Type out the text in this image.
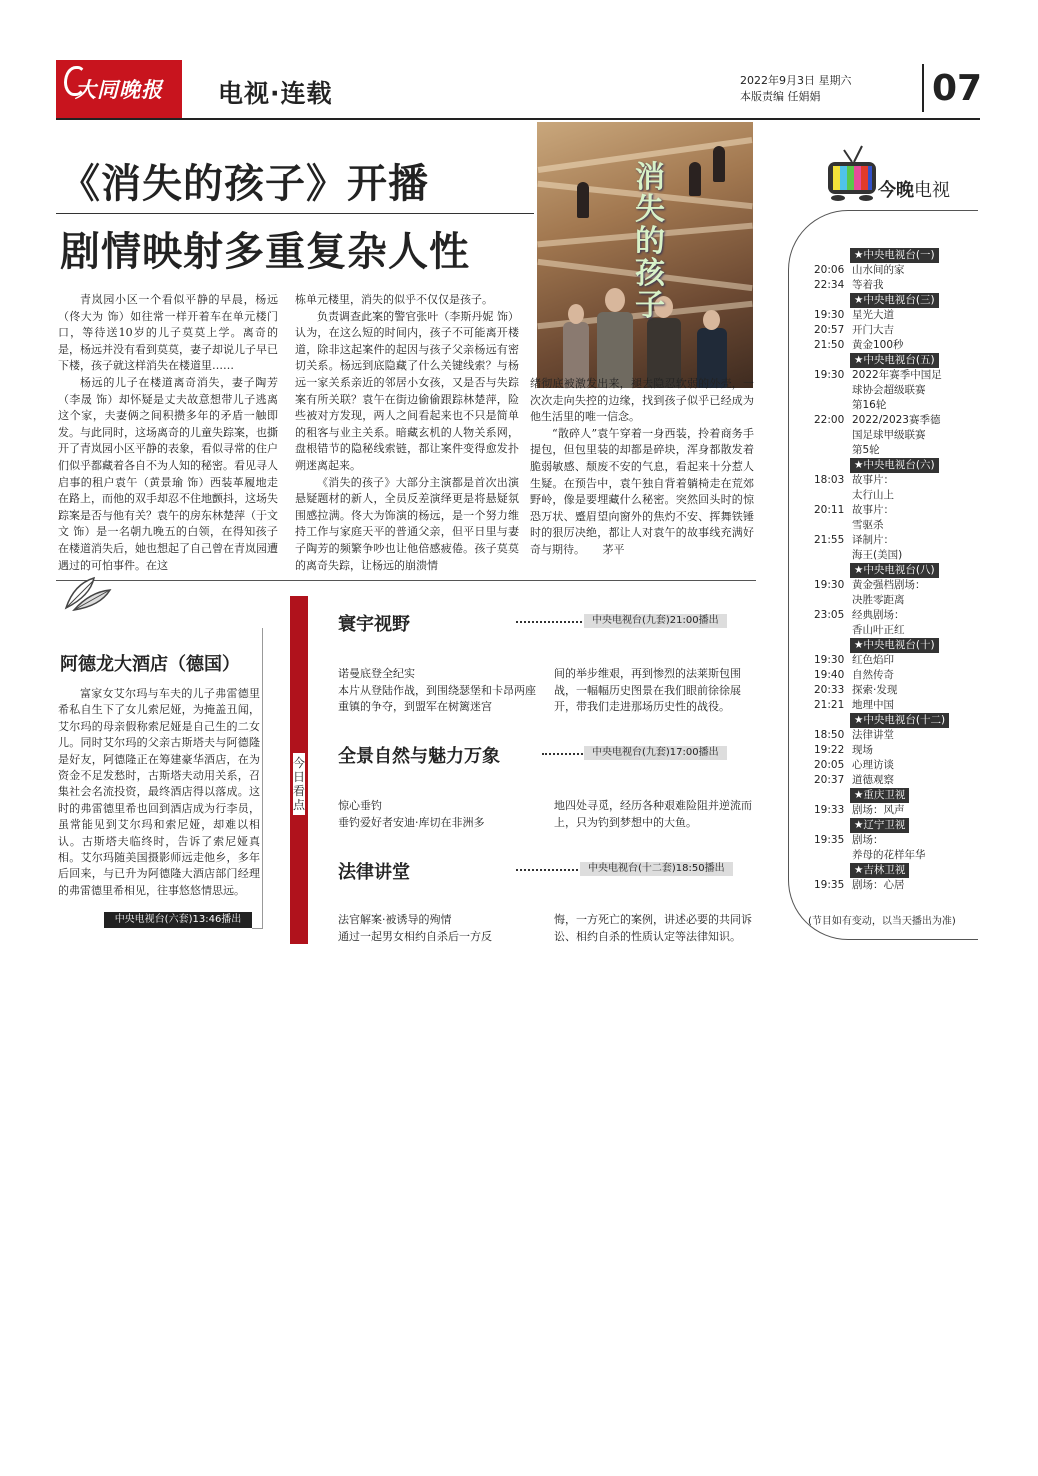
大同晚报	电视·连载	2022年9月3日 星期六
本版责编 任娟娟	07
《消失的孩子》开播
剧情映射多重复杂人性
消失的孩子

青岚园小区一个看似平静的早晨，杨远（佟大为 饰）如往常一样开着车在单元楼门口，等待送10岁的儿子莫莫上学。离奇的是，杨远并没有看到莫莫，妻子却说儿子早已下楼，孩子就这样消失在楼道里……

杨远的儿子在楼道离奇消失，妻子陶芳（李晟 饰）却怀疑是丈夫故意想带儿子逃离这个家，夫妻俩之间积攒多年的矛盾一触即发。与此同时，这场离奇的儿童失踪案，也撕开了青岚园小区平静的表象，看似寻常的住户们似乎都藏着各自不为人知的秘密。看见寻人启事的租户袁午（黄景瑜 饰）西装革履地走在路上，而他的双手却忍不住地颤抖，这场失踪案是否与他有关？袁午的房东林楚萍（于文文 饰）是一名朝九晚五的白领，在得知孩子在楼道消失后，她也想起了自己曾在青岚园遭遇过的可怕事件。在这

栋单元楼里，消失的似乎不仅仅是孩子。

负责调查此案的警官张叶（李斯丹妮 饰）认为，在这么短的时间内，孩子不可能离开楼道，除非这起案件的起因与孩子父亲杨远有密切关系。杨远到底隐藏了什么关键线索？与杨远一家关系亲近的邻居小女孩，又是否与失踪案有所关联？袁午在街边偷偷跟踪林楚萍，险些被对方发现，两人之间看起来也不只是简单的租客与业主关系。暗藏玄机的人物关系网，盘根错节的隐秘线索链，都让案件变得愈发扑朔迷离起来。

《消失的孩子》大部分主演都是首次出演悬疑题材的新人，全员反差演绎更是将悬疑氛围感拉满。佟大为饰演的杨远，是一个努力维持工作与家庭天平的普通父亲，但平日里与妻子陶芳的频繁争吵也让他倍感疲倦。孩子莫莫的离奇失踪，让杨远的崩溃情

绪彻底被激发出来，褪去隐忍软弱的外壳，一次次走向失控的边缘，找到孩子似乎已经成为他生活里的唯一信念。

“散碎人”袁午穿着一身西装，拎着商务手提包，但包里装的却都是碎块，浑身都散发着脆弱敏感、颓废不安的气息，看起来十分惹人生疑。在预告中，袁午独自背着躺椅走在荒郊野岭，像是要埋藏什么秘密。突然回头时的惊恐万状、蹙眉望向窗外的焦灼不安、挥舞铁锤时的狠厉决绝，都让人对袁午的故事线充满好奇与期待。 茅平

阿德龙大酒店（德国）

富家女艾尔玛与车夫的儿子弗雷德里希私自生下了女儿索尼娅，为掩盖丑闻，艾尔玛的母亲假称索尼娅是自己生的二女儿。同时艾尔玛的父亲古斯塔夫与阿德隆是好友，阿德隆正在筹建豪华酒店，在为资金不足发愁时，古斯塔夫动用关系，召集社会名流投资，最终酒店得以落成。这时的弗雷德里希也回到酒店成为行李员，虽常能见到艾尔玛和索尼娅，却难以相认。古斯塔夫临终时，告诉了索尼娅真相。艾尔玛随美国摄影师远走他乡，多年后回来，与已升为阿德隆大酒店部门经理的弗雷德里希相见，往事悠悠情思远。

中央电视台(六套)13:46播出
今日看点
寰宇视野	中央电视台(九套)21:00播出
诺曼底登全纪实
本片从登陆作战，到围绕瑟堡和卡昂两座重镇的争夺，到盟军在树篱迷宫
间的举步维艰，再到惨烈的法莱斯包围战，一幅幅历史图景在我们眼前徐徐展开，带我们走进那场历史性的战役。
全景自然与魅力万象	中央电视台(九套)17:00播出
惊心垂钓
垂钓爱好者安迪·库切在非洲多
地四处寻觅，经历各种艰难险阻并逆流而上，只为钓到梦想中的大鱼。
法律讲堂	中央电视台(十二套)18:50播出
法官解案·被诱导的殉情
通过一起男女相约自杀后一方反
悔，一方死亡的案例，讲述必要的共同诉讼、相约自杀的性质认定等法律知识。
今晚电视
★中央电视台(一)
20:06 山水间的家
22:34 等着我
★中央电视台(三)
19:30 星光大道
20:57 开门大吉
21:50 黄金100秒
★中央电视台(五)
19:30 2022年赛季中国足
球协会超级联赛
第16轮
22:00 2022/2023赛季德
国足球甲级联赛
第5轮
★中央电视台(六)
18:03 故事片：
太行山上
20:11 故事片：
雪驱杀
21:55 译制片：
海王(美国)
★中央电视台(八)
19:30 黄金强档剧场：
决胜零距离
23:05 经典剧场：
香山叶正红
★中央电视台(十)
19:30 红色焰印
19:40 自然传奇
20:33 探索·发现
21:21 地理中国
★中央电视台(十二)
18:50 法律讲堂
19:22 现场
20:05 心理访谈
20:37 道德观察
★重庆卫视
19:33 剧场：风声
★辽宁卫视
19:35 剧场：
养母的花样年华
★吉林卫视
19:35 剧场：心居
(节目如有变动，以当天播出为准)
